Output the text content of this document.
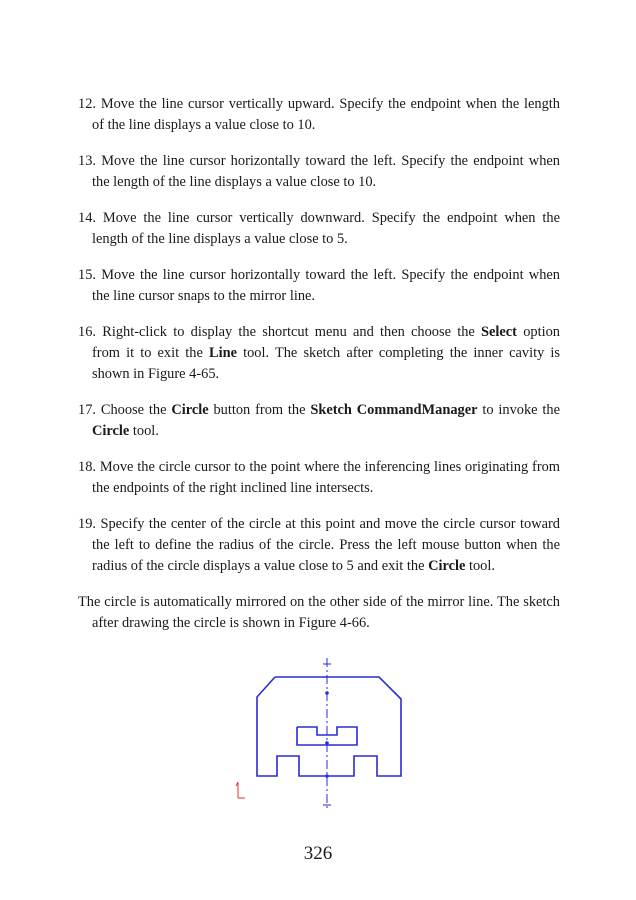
12. Move the line cursor vertically upward. Specify the endpoint when the length of the line displays a value close to 10.

13. Move the line cursor horizontally toward the left. Specify the endpoint when the length of the line displays a value close to 10.

14. Move the line cursor vertically downward. Specify the endpoint when the length of the line displays a value close to 5.

15. Move the line cursor horizontally toward the left. Specify the endpoint when the line cursor snaps to the mirror line.

16. Right-click to display the shortcut menu and then choose the Select option from it to exit the Line tool. The sketch after completing the inner cavity is shown in Figure 4-65.

17. Choose the Circle button from the Sketch CommandManager to invoke the Circle tool.

18. Move the circle cursor to the point where the inferencing lines originating from the endpoints of the right inclined line intersects.

19. Specify the center of the circle at this point and move the circle cursor toward the left to define the radius of the circle. Press the left mouse button when the radius of the circle displays a value close to 5 and exit the Circle tool.

The circle is automatically mirrored on the other side of the mirror line. The sketch after drawing the circle is shown in Figure 4-66.

326
